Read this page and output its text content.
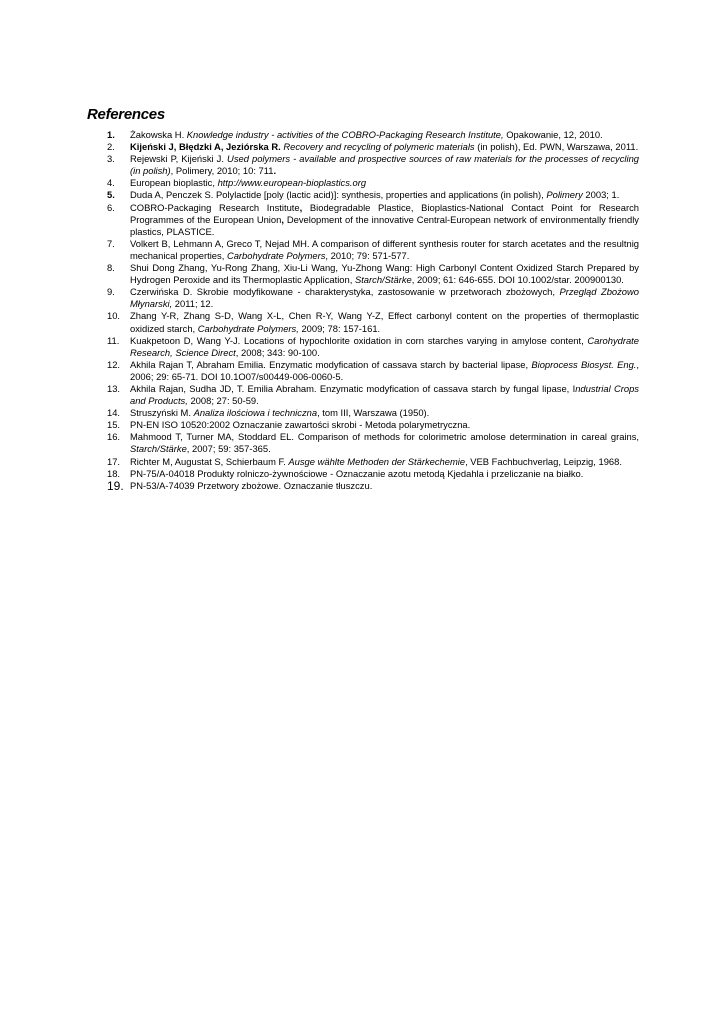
References
1.	Żakowska H. Knowledge industry - activities of the COBRO-Packaging Research Institute, Opakowanie, 12, 2010.
2.	Kijeński J, Błędzki A, Jeziórska R. Recovery and recycling of polymeric materials (in polish), Ed. PWN, Warszawa, 2011.
3.	Rejewski P, Kijeński J. Used polymers - available and prospective sources of raw materials for the processes of recycling (in polish), Polimery, 2010; 10: 711.
4.	European bioplastic, http://www.european-bioplastics.org
5.	Duda A, Penczek S. Polylactide [poly (lactic acid)]: synthesis, properties and applications (in polish), Polimery 2003; 1.
6.	COBRO-Packaging Research Institute, Biodegradable Plastice, Bioplastics-National Contact Point for Research Programmes of the European Union, Development of the innovative Central-European network of environmentally friendly plastics, PLASTICE.
7.	Volkert B, Lehmann A, Greco T, Nejad MH. A comparison of different synthesis router for starch acetates and the resultnig mechanical properties, Carbohydrate Polymers, 2010; 79: 571-577.
8.	Shui Dong Zhang, Yu-Rong Zhang, Xiu-Li Wang, Yu-Zhong Wang: High Carbonyl Content Oxidized Starch Prepared by Hydrogen Peroxide and its Thermoplastic Application, Starch/Stärke, 2009; 61: 646-655. DOI 10.1002/star. 200900130.
9.	Czerwińska D. Skrobie modyfikowane - charakterystyka, zastosowanie w przetworach zbożowych, Przegląd Zbożowo Młynarski, 2011; 12.
10.	Zhang Y-R, Zhang S-D, Wang X-L, Chen R-Y, Wang Y-Z, Effect carbonyl content on the properties of thermoplastic oxidized starch, Carbohydrate Polymers, 2009; 78: 157-161.
11.	Kuakpetoon D, Wang Y-J. Locations of hypochlorite oxidation in corn starches varying in amylose content, Carohydrate Research, Science Direct, 2008; 343: 90-100.
12.	Akhila Rajan T, Abraham Emilia. Enzymatic modyfication of cassava starch by bacterial lipase, Bioprocess Biosyst. Eng., 2006; 29: 65-71. DOI 10.1O07/s00449-006-0060-5.
13.	Akhila Rajan, Sudha JD, T. Emilia Abraham. Enzymatic modyfication of cassava starch by fungal lipase, Industrial Crops and Products, 2008; 27: 50-59.
14.	Struszyński M. Analiza ilościowa i techniczna, tom III, Warszawa (1950).
15.	PN-EN ISO 10520:2002 Oznaczanie zawartości skrobi - Metoda polarymetryczna.
16.	Mahmood T, Turner MA, Stoddard EL. Comparison of methods for colorimetric amolose determination in careal grains, Starch/Stärke, 2007; 59: 357-365.
17.	Richter M, Augustat S, Schierbaum F. Ausge wählte Methoden der Stärkechemie, VEB Fachbuchverlag, Leipzig, 1968.
18.	PN-75/A-04018 Produkty rolniczo-żywnościowe - Oznaczanie azotu metodą Kjedahla i przeliczanie na białko.
19. PN-53/A-74039 Przetwory zbożowe. Oznaczanie tłuszczu.
